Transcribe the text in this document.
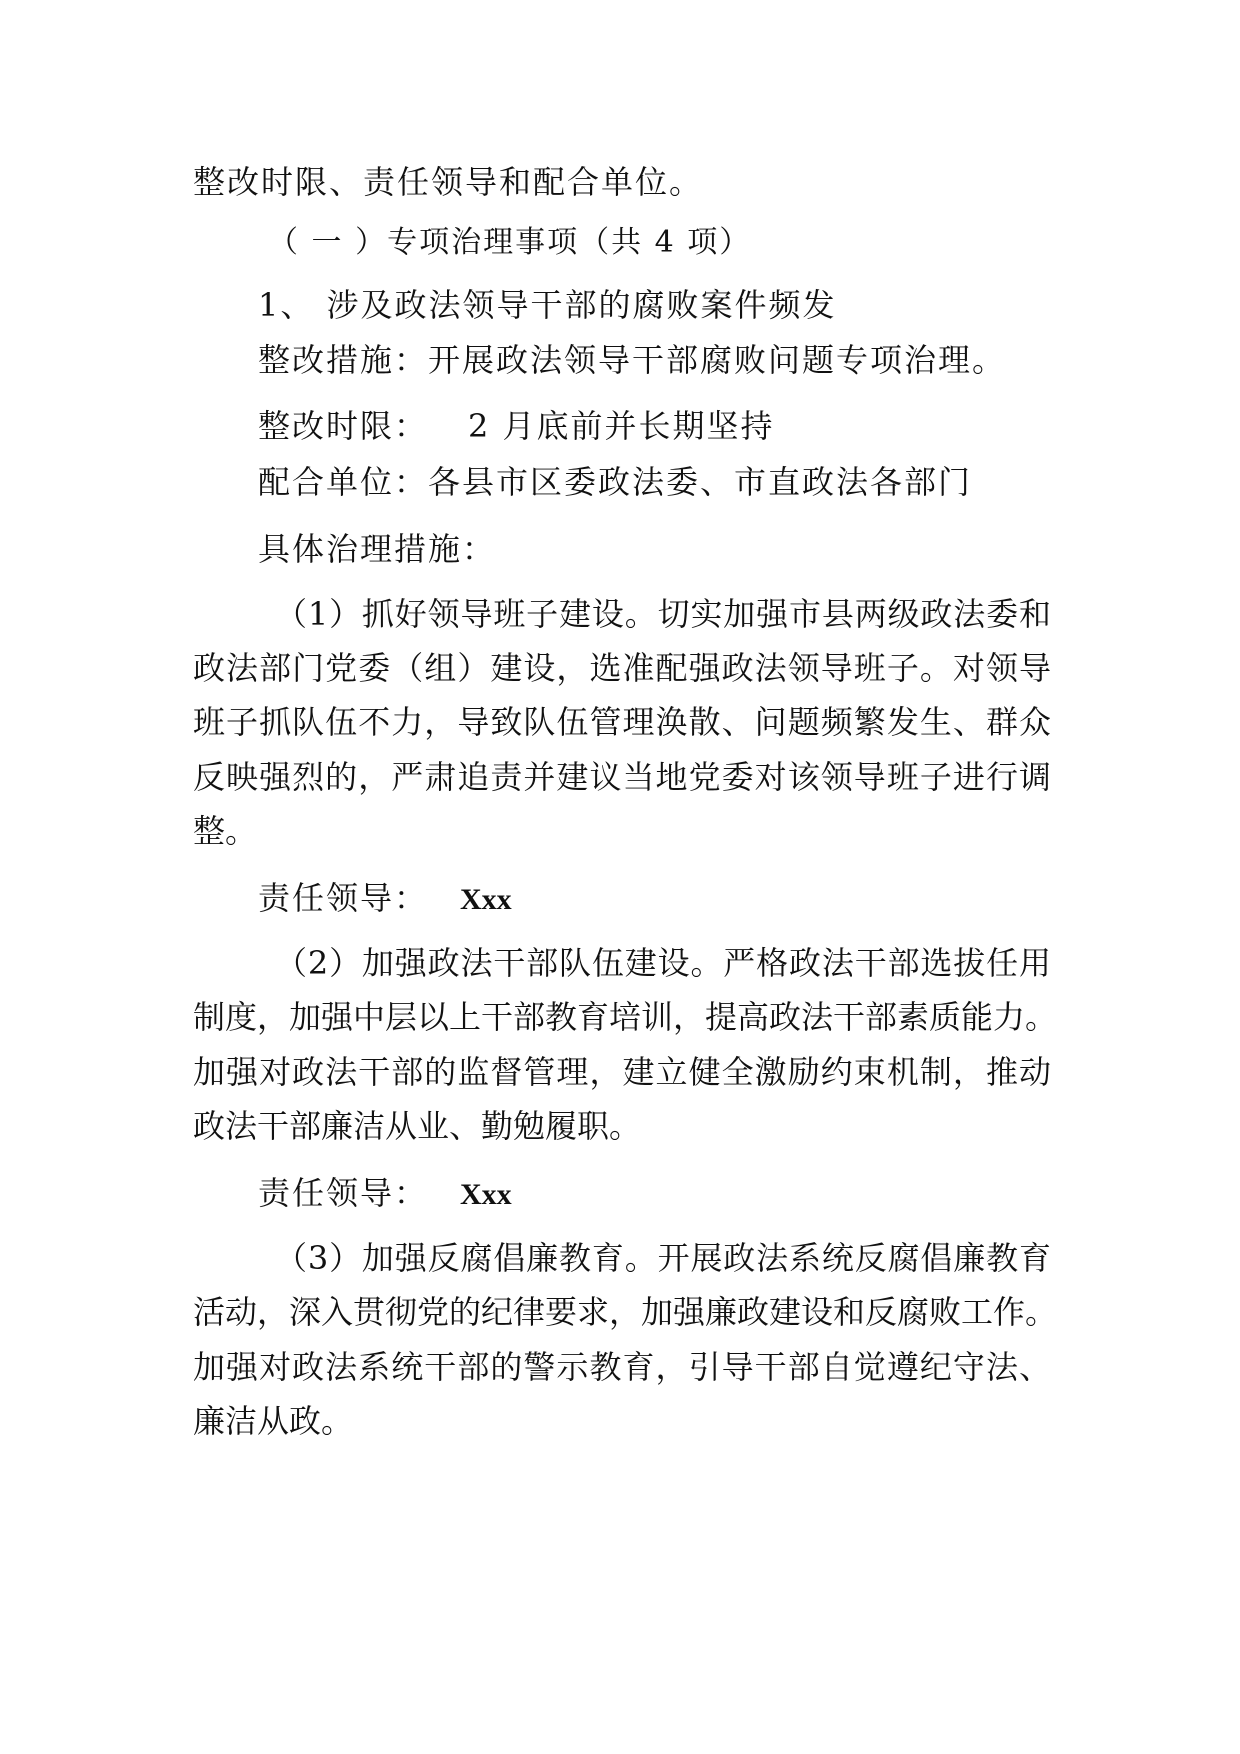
整改时限、责任领导和配合单位。
（ 一 ）专项治理事项（共 4 项）
1、 涉及政法领导干部的腐败案件频发
整改措施：开展政法领导干部腐败问题专项治理。
整改时限： 2 月底前并长期坚持
配合单位：各县市区委政法委、市直政法各部门
具体治理措施：
（1）抓好领导班子建设。切实加强市县两级政法委和
政法部门党委（组）建设，选准配强政法领导班子。对领导
班子抓队伍不力，导致队伍管理涣散、问题频繁发生、群众
反映强烈的，严肃追责并建议当地党委对该领导班子进行调
整。
责任领导： Xxx
（2）加强政法干部队伍建设。严格政法干部选拔任用
制度，加强中层以上干部教育培训，提高政法干部素质能力。
加强对政法干部的监督管理，建立健全激励约束机制，推动
政法干部廉洁从业、勤勉履职。
责任领导： Xxx
（3）加强反腐倡廉教育。开展政法系统反腐倡廉教育
活动，深入贯彻党的纪律要求，加强廉政建设和反腐败工作。
加强对政法系统干部的警示教育，引导干部自觉遵纪守法、
廉洁从政。
